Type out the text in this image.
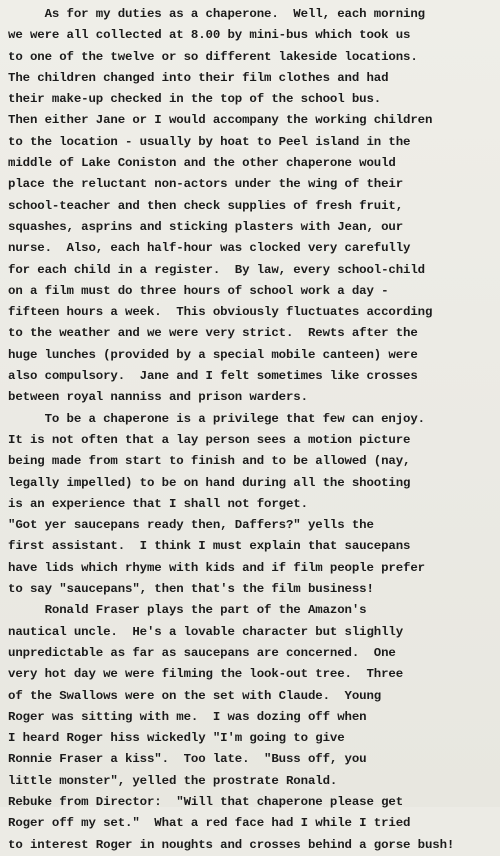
As for my duties as a chaperone.  Well, each morning
we were all collected at 8.00 by mini-bus which took us
to one of the twelve or so different lakeside locations.
The children changed into their film clothes and had
their make-up checked in the top of the school bus.
Then either Jane or I would accompany the working children
to the location - usually by hoat to Peel island in the
middle of Lake Coniston and the other chaperone would
place the reluctant non-actors under the wing of their
school-teacher and then check supplies of fresh fruit,
squashes, asprins and sticking plasters with Jean, our
nurse.  Also, each half-hour was clocked very carefully
for each child in a register.  By law, every school-child
on a film must do three hours of school work a day -
fifteen hours a week.  This obviously fluctuates according
to the weather and we were very strict.  Rewts after the
huge lunches (provided by a special mobile canteen) were
also compulsory.  Jane and I felt sometimes like crosses
between royal nanniss and prison warders.
To be a chaperone is a privilege that few can enjoy.
It is not often that a lay person sees a motion picture
being made from start to finish and to be allowed (nay,
legally impelled) to be on hand during all the shooting
is an experience that I shall not forget.
"Got yer saucepans ready then, Daffers?" yells the
first assistant.  I think I must explain that saucepans
have lids which rhyme with kids and if film people prefer
to say "saucepans", then that's the film business!
Ronald Fraser plays the part of the Amazon's
nautical uncle.  He's a lovable character but slighlly
unpredictable as far as saucepans are concerned.  One
very hot day we were filming the look-out tree.  Three
of the Swallows were on the set with Claude.  Young
Roger was sitting with me.  I was dozing off when
I heard Roger hiss wickedly "I'm going to give
Ronnie Fraser a kiss".  Too late.  "Buss off, you
little monster", yelled the prostrate Ronald.
Rebuke from Director:  "Will that chaperone please get
Roger off my set."  What a red face had I while I tried
to interest Roger in noughts and crosses behind a gorse bush!
